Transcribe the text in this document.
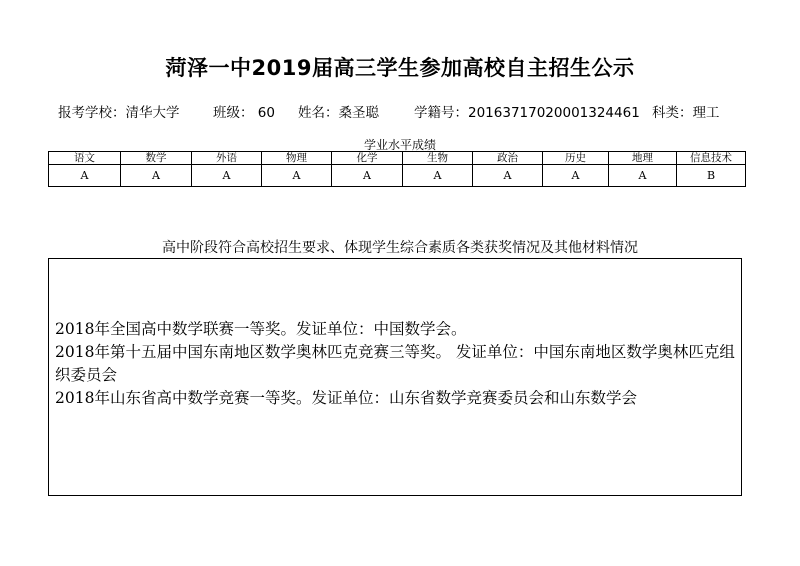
菏泽一中2019届高三学生参加高校自主招生公示
报考学校：清华大学 班级： 60 姓名：桑圣聪	学籍号：20163717020001324461 科类：理工
学业水平成绩
语文	数学	外语	物理	化学	生物	政治	历史	地理	信息技术
A	A	A	A	A	A	A	A	A	B
高中阶段符合高校招生要求、体现学生综合素质各类获奖情况及其他材料情况
2018年全国高中数学联赛一等奖。发证单位：中国数学会。
2018年第十五届中国东南地区数学奥林匹克竞赛三等奖。 发证单位：中国东南地区数学奥林匹克组织委员会
2018年山东省高中数学竞赛一等奖。发证单位：山东省数学竞赛委员会和山东数学会
